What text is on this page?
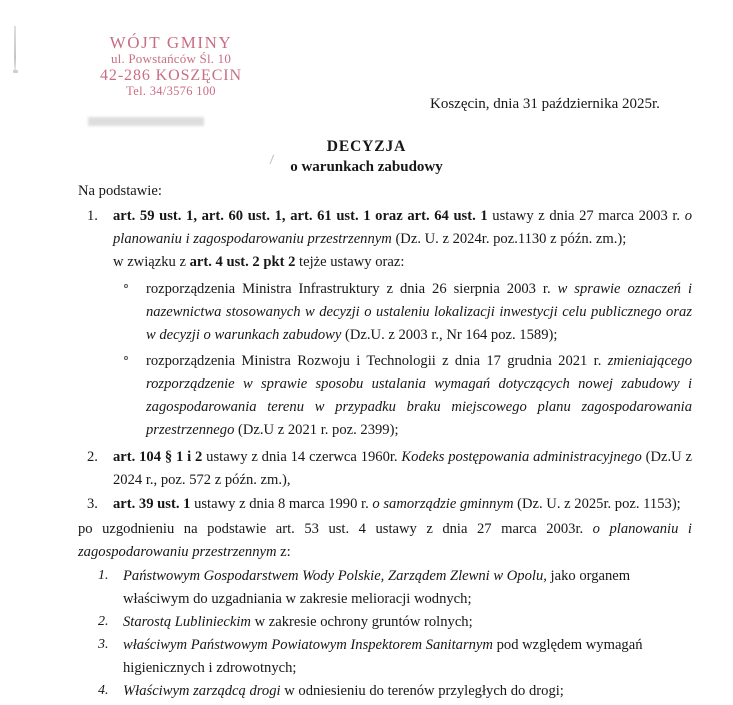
WÓJT GMINY
ul. Powstańców Śl. 10
42-286 KOSZĘCIN
Tel. 34/3576 100
Koszęcin, dnia 31 października 2025r.
DECYZJA
o warunkach zabudowy

Na podstawie:

1. art. 59 ust. 1, art. 60 ust. 1, art. 61 ust. 1 oraz art. 64 ust. 1 ustawy z dnia 27 marca 2003 r. o planowaniu i zagospodarowaniu przestrzennym (Dz. U. z 2024r. poz.1130 z późn. zm.);
w związku z art. 4 ust. 2 pkt 2 tejże ustawy oraz:
rozporządzenia Ministra Infrastruktury z dnia 26 sierpnia 2003 r. w sprawie oznaczeń i nazewnictwa stosowanych w decyzji o ustaleniu lokalizacji inwestycji celu publicznego oraz w decyzji o warunkach zabudowy (Dz.U. z 2003 r., Nr 164 poz. 1589);
rozporządzenia Ministra Rozwoju i Technologii z dnia 17 grudnia 2021 r. zmieniającego rozporządzenie w sprawie sposobu ustalania wymagań dotyczących nowej zabudowy i zagospodarowania terenu w przypadku braku miejscowego planu zagospodarowania przestrzennego (Dz.U z 2021 r. poz. 2399);
2. art. 104 § 1 i 2 ustawy z dnia 14 czerwca 1960r. Kodeks postępowania administracyjnego (Dz.U z 2024 r., poz. 572 z późn. zm.),
3. art. 39 ust. 1 ustawy z dnia 8 marca 1990 r. o samorządzie gminnym (Dz. U. z 2025r. poz. 1153);

po uzgodnieniu na podstawie art. 53 ust. 4 ustawy z dnia 27 marca 2003r. o planowaniu i zagospodarowaniu przestrzennym z:

1. Państwowym Gospodarstwem Wody Polskie, Zarządem Zlewni w Opolu, jako organem właściwym do uzgadniania w zakresie melioracji wodnych;
2. Starostą Lublinieckim w zakresie ochrony gruntów rolnych;
3. właściwym Państwowym Powiatowym Inspektorem Sanitarnym pod względem wymagań higienicznych i zdrowotnych;
4. Właściwym zarządcą drogi w odniesieniu do terenów przyległych do drogi;
